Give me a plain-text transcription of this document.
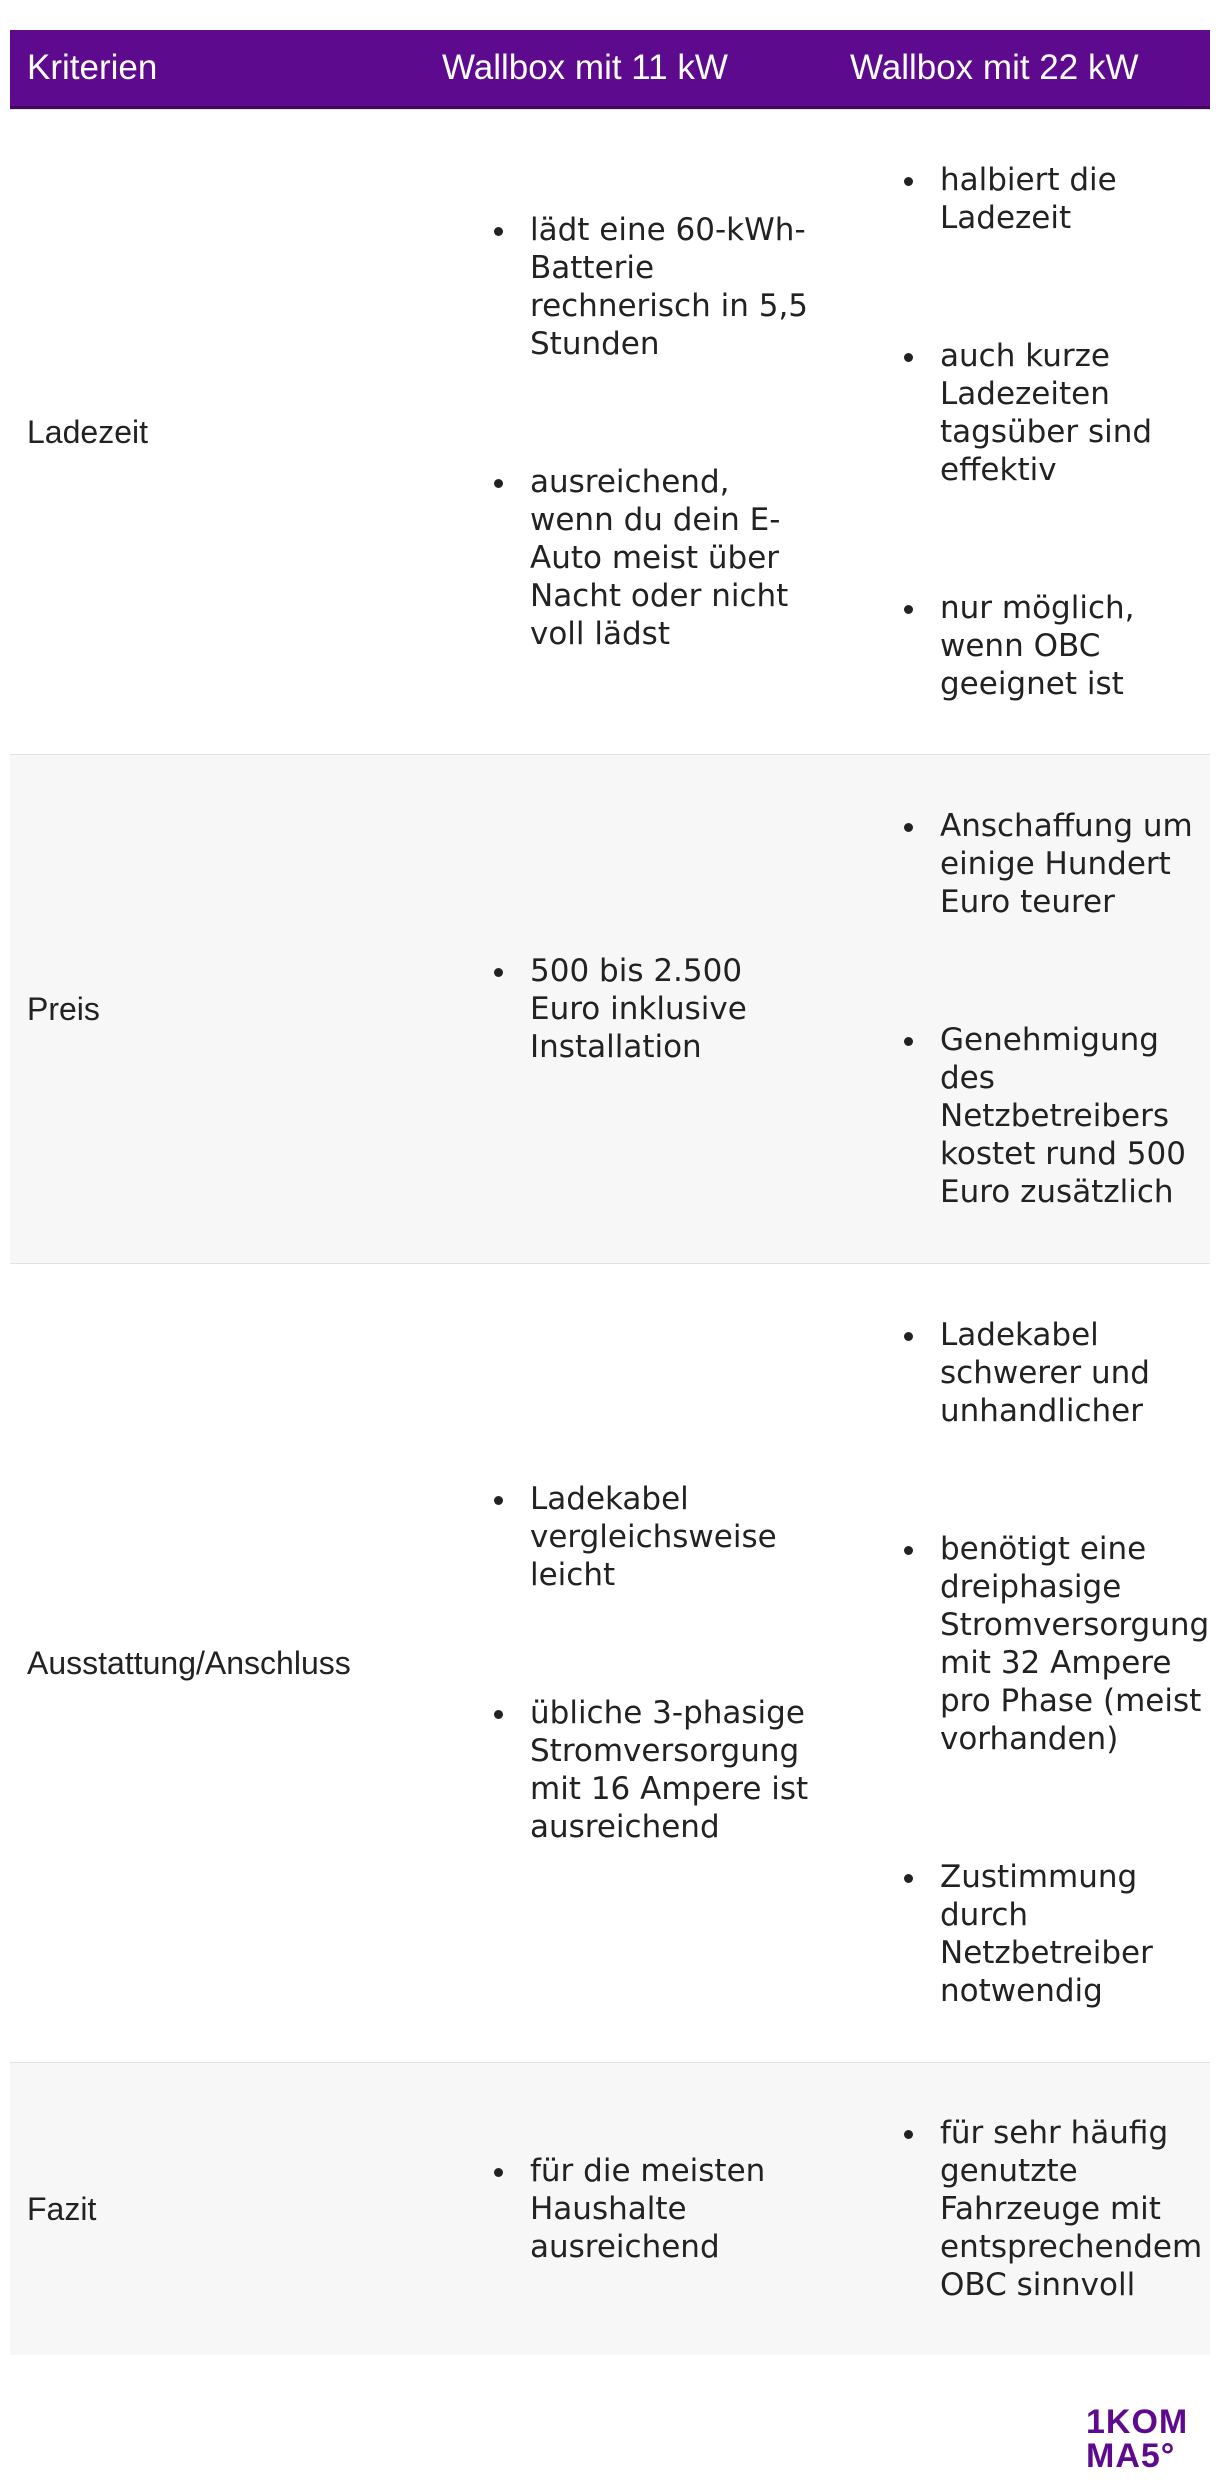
Kriterien	Wallbox mit 11 kW	Wallbox mit 22 kW
Ladezeit
lädt eine 60-kWh-Batterie rechnerisch in 5,5 Stunden
ausreichend, wenn du dein E-Auto meist über Nacht oder nicht voll lädst
halbiert die Ladezeit
auch kurze Ladezeiten tagsüber sind effektiv
nur möglich, wenn OBC geeignet ist
Preis
500 bis 2.500 Euro inklusive Installation
Anschaffung um einige Hundert Euro teurer
Genehmigung des Netzbetreibers kostet rund 500 Euro zusätzlich
Ausstattung/Anschluss
Ladekabel vergleichsweise leicht
übliche 3-phasige Stromversorgung mit 16 Ampere ist ausreichend
Ladekabel schwerer und unhandlicher
benötigt eine dreiphasige Stromversorgung mit 32 Ampere pro Phase (meist vorhanden)
Zustimmung durch Netzbetreiber notwendig
Fazit
für die meisten Haushalte ausreichend
für sehr häufig genutzte Fahrzeuge mit entsprechendem OBC sinnvoll
1KOM
MA5°
